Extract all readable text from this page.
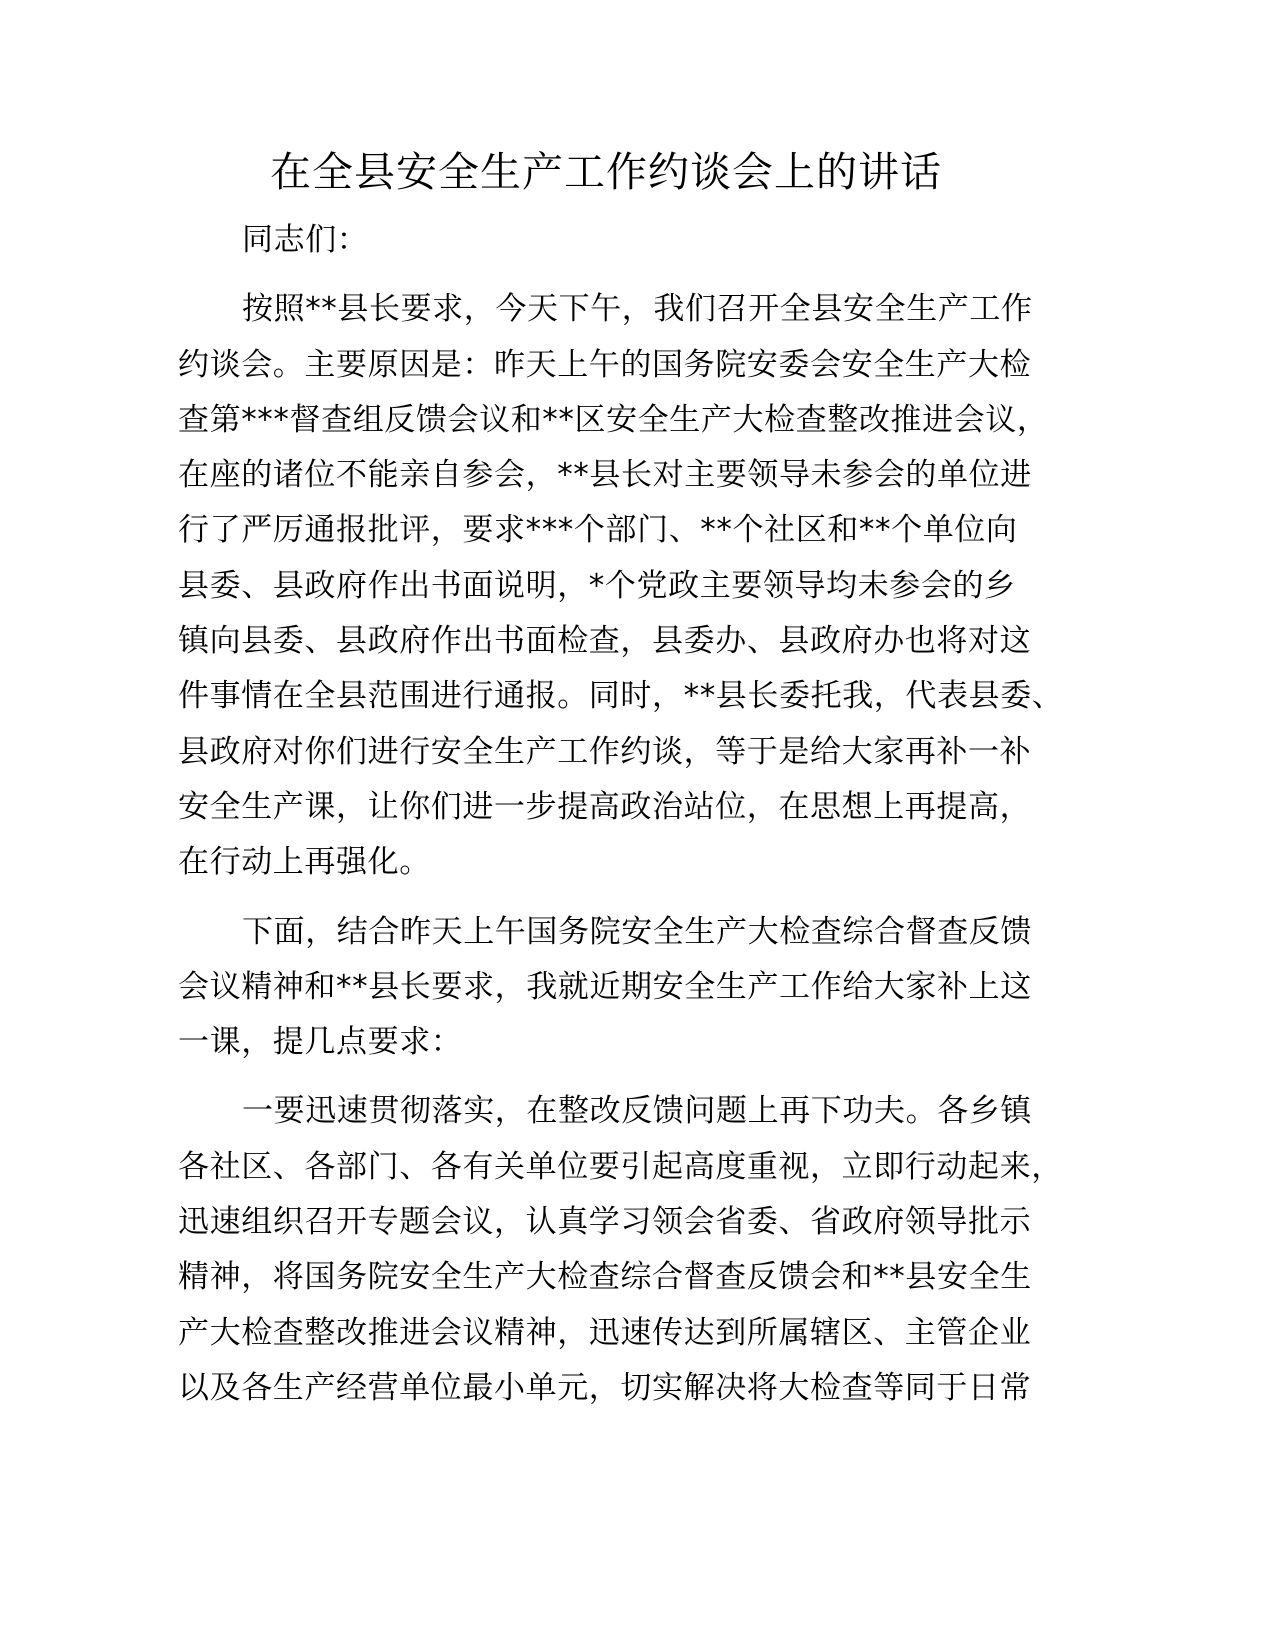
在全县安全生产工作约谈会上的讲话
同志们：
按照**县长要求，今天下午，我们召开全县安全生产工作
约谈会。主要原因是：昨天上午的国务院安委会安全生产大检
查第***督查组反馈会议和**区安全生产大检查整改推进会议，
在座的诸位不能亲自参会，**县长对主要领导未参会的单位进
行了严厉通报批评，要求***个部门、**个社区和**个单位向
县委、县政府作出书面说明，*个党政主要领导均未参会的乡
镇向县委、县政府作出书面检查，县委办、县政府办也将对这
件事情在全县范围进行通报。同时，**县长委托我，代表县委、
县政府对你们进行安全生产工作约谈，等于是给大家再补一补
安全生产课，让你们进一步提高政治站位，在思想上再提高，
在行动上再强化。
下面，结合昨天上午国务院安全生产大检查综合督查反馈
会议精神和**县长要求，我就近期安全生产工作给大家补上这
一课，提几点要求：
一要迅速贯彻落实，在整改反馈问题上再下功夫。各乡镇
各社区、各部门、各有关单位要引起高度重视，立即行动起来，
迅速组织召开专题会议，认真学习领会省委、省政府领导批示
精神，将国务院安全生产大检查综合督查反馈会和**县安全生
产大检查整改推进会议精神，迅速传达到所属辖区、主管企业
以及各生产经营单位最小单元，切实解决将大检查等同于日常
